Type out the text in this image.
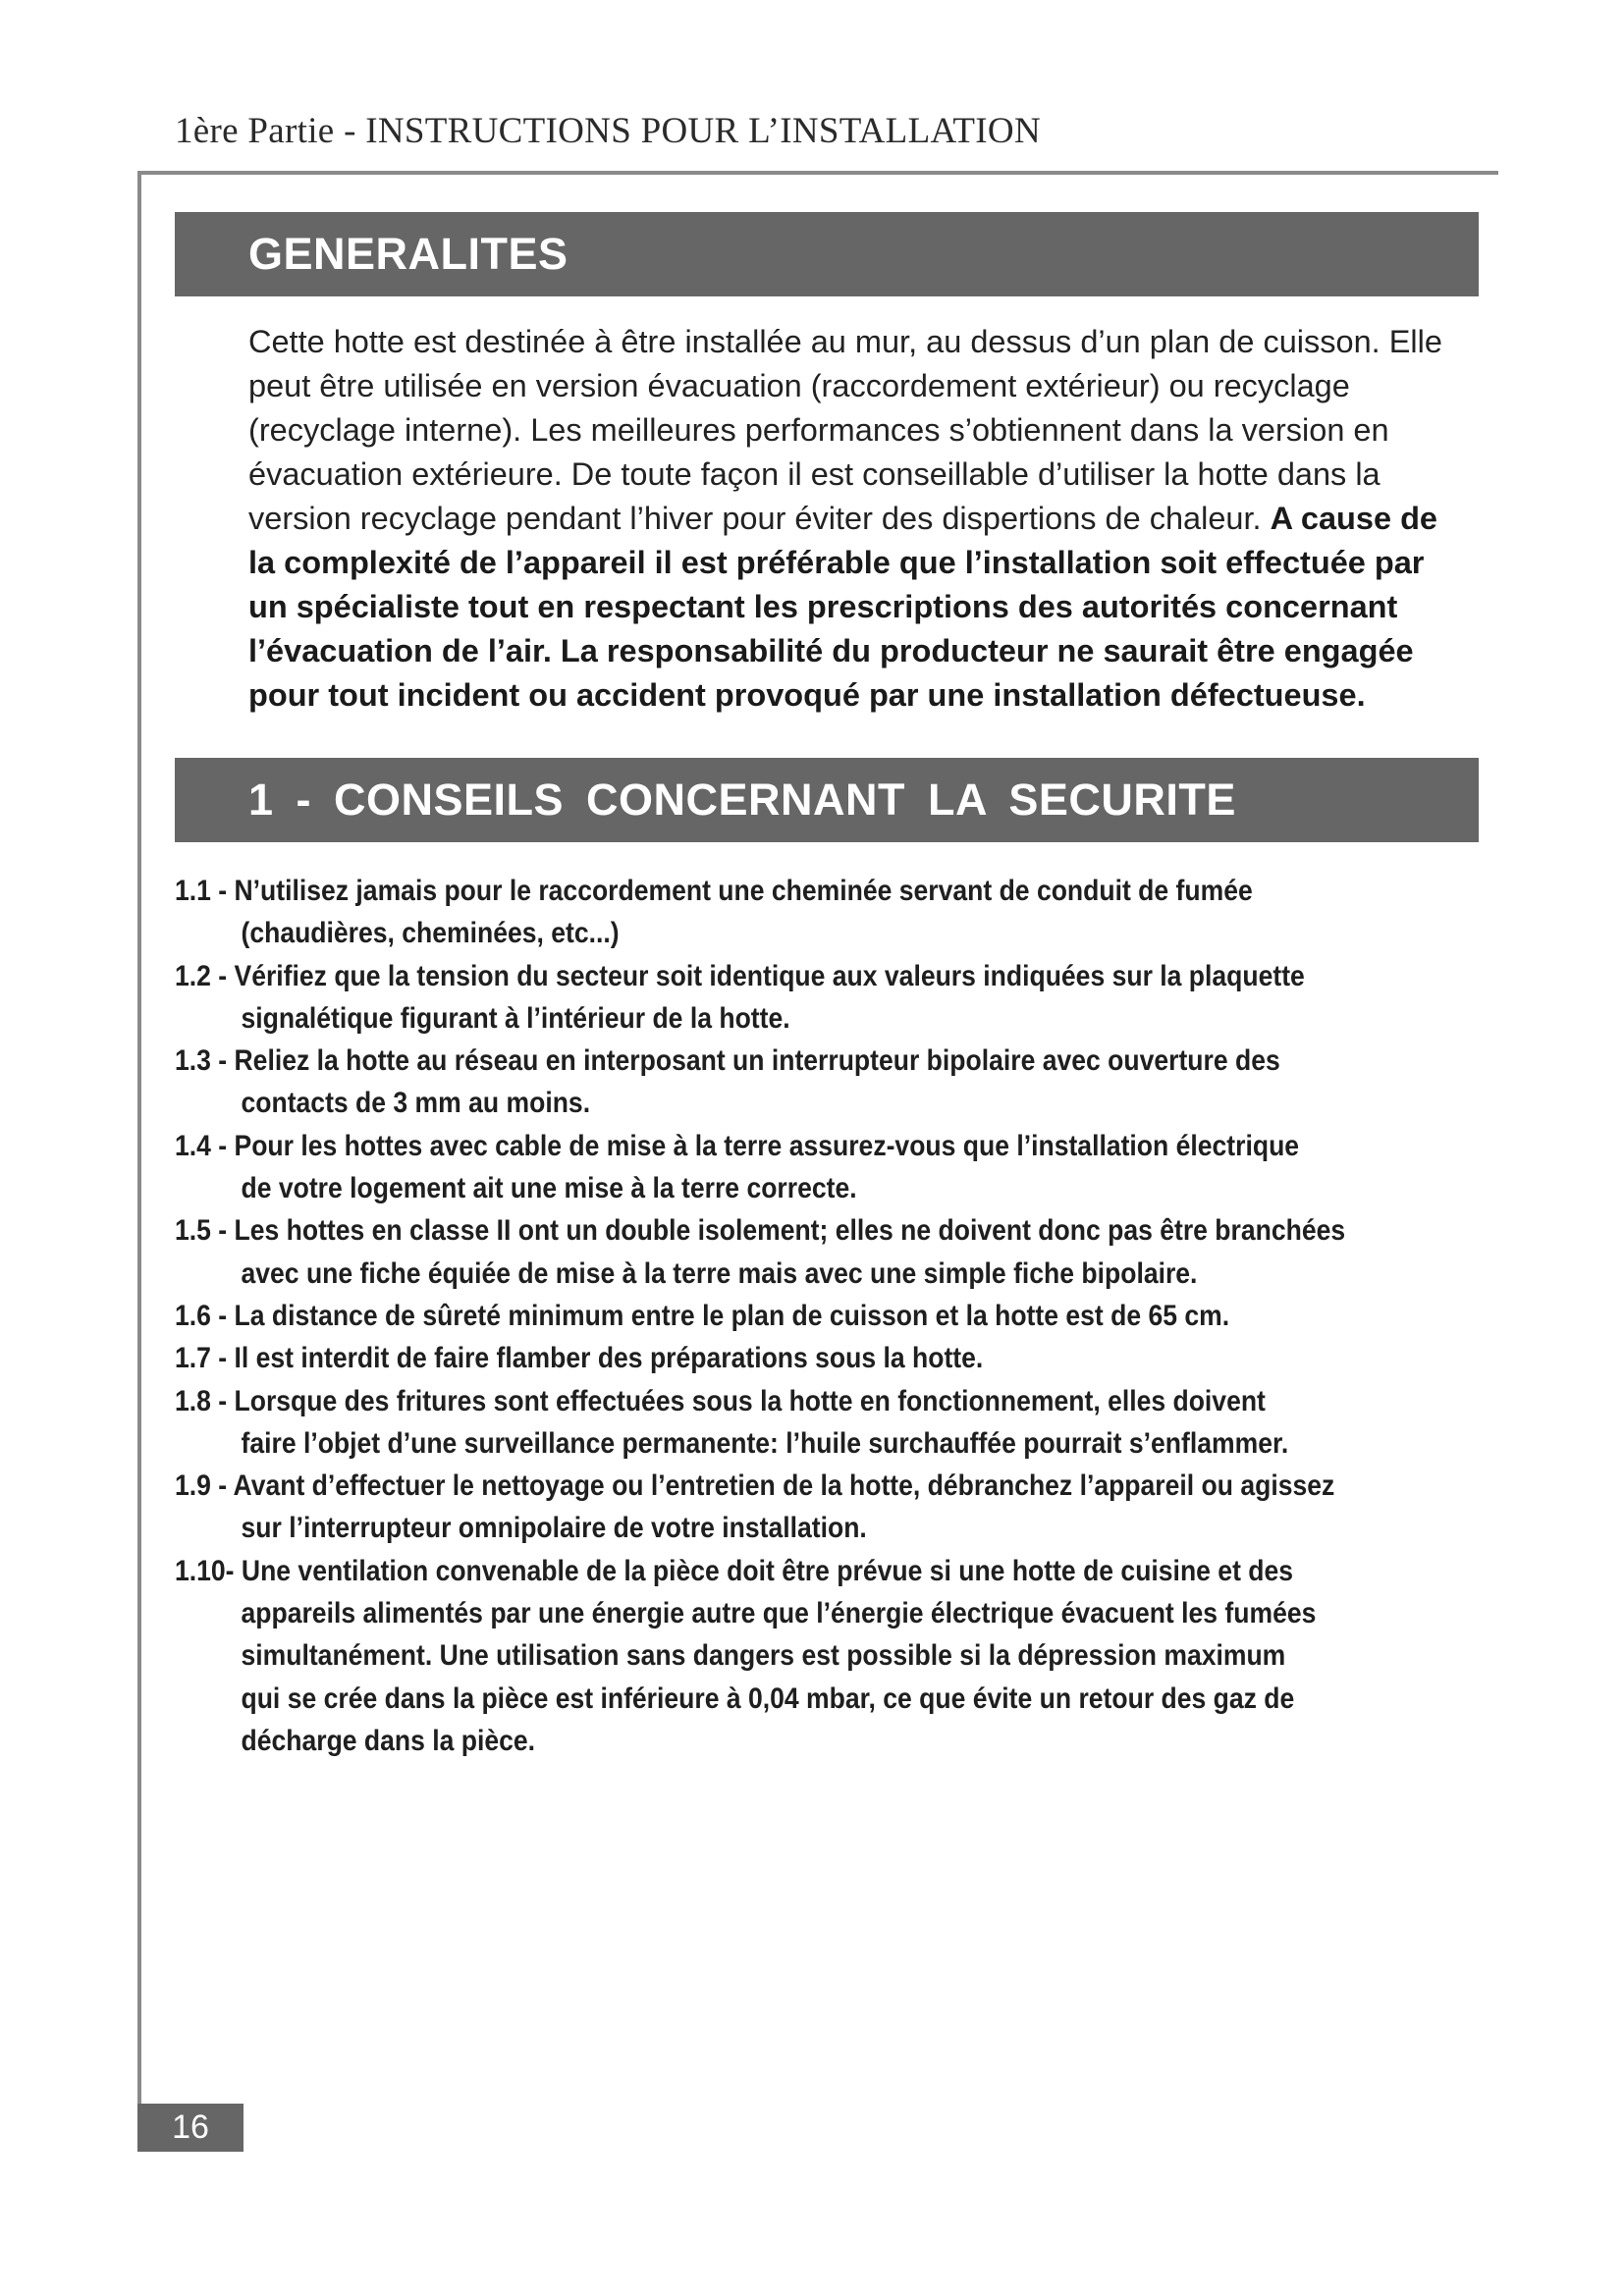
1ère Partie - INSTRUCTIONS POUR L’INSTALLATION
GENERALITES
Cette hotte est destinée à être installée au mur, au dessus d’un plan de cuisson. Elle
peut être utilisée en version évacuation (raccordement extérieur) ou recyclage
(recyclage interne). Les meilleures performances s’obtiennent dans la version en
évacuation extérieure. De toute façon il est conseillable d’utiliser la hotte dans la
version recyclage pendant l’hiver pour éviter des dispertions de chaleur. A cause de
la complexité de l’appareil il est préférable que l’installation soit effectuée par
un spécialiste tout en respectant les prescriptions des autorités concernant
l’évacuation de l’air. La responsabilité du producteur ne saurait être engagée
pour tout incident ou accident provoqué par une installation défectueuse.
1 - CONSEILS CONCERNANT LA SECURITE
1.1 - N’utilisez jamais pour le raccordement une cheminée servant de conduit de fumée
(chaudières, cheminées, etc...)
1.2 - Vérifiez que la tension du secteur soit identique aux valeurs indiquées sur la plaquette
signalétique figurant à l’intérieur de la hotte.
1.3 - Reliez la hotte au réseau en interposant un interrupteur bipolaire avec ouverture des
contacts de 3 mm au moins.
1.4 - Pour les hottes avec cable de mise à la terre assurez-vous que l’installation électrique
de votre logement ait une mise à la terre correcte.
1.5 - Les hottes en classe II ont un double isolement; elles ne doivent donc pas être branchées
avec une fiche équiée de mise à la terre mais avec une simple fiche bipolaire.
1.6 - La distance de sûreté minimum entre le plan de cuisson et la hotte est de 65 cm.
1.7 - Il est interdit de faire flamber des préparations sous la hotte.
1.8 - Lorsque des fritures sont effectuées sous la hotte en fonctionnement, elles doivent
faire l’objet d’une surveillance permanente: l’huile surchauffée pourrait s’enflammer.
1.9 - Avant d’effectuer le nettoyage ou l’entretien de la hotte, débranchez l’appareil ou agissez
sur l’interrupteur omnipolaire de votre installation.
1.10- Une ventilation convenable de la pièce doit être prévue si une hotte de cuisine et des
appareils alimentés par une énergie autre que l’énergie électrique évacuent les fumées
simultanément. Une utilisation sans dangers est possible si la dépression maximum
qui se crée dans la pièce est inférieure à 0,04 mbar, ce que évite un retour des gaz de
décharge dans la pièce.
16
